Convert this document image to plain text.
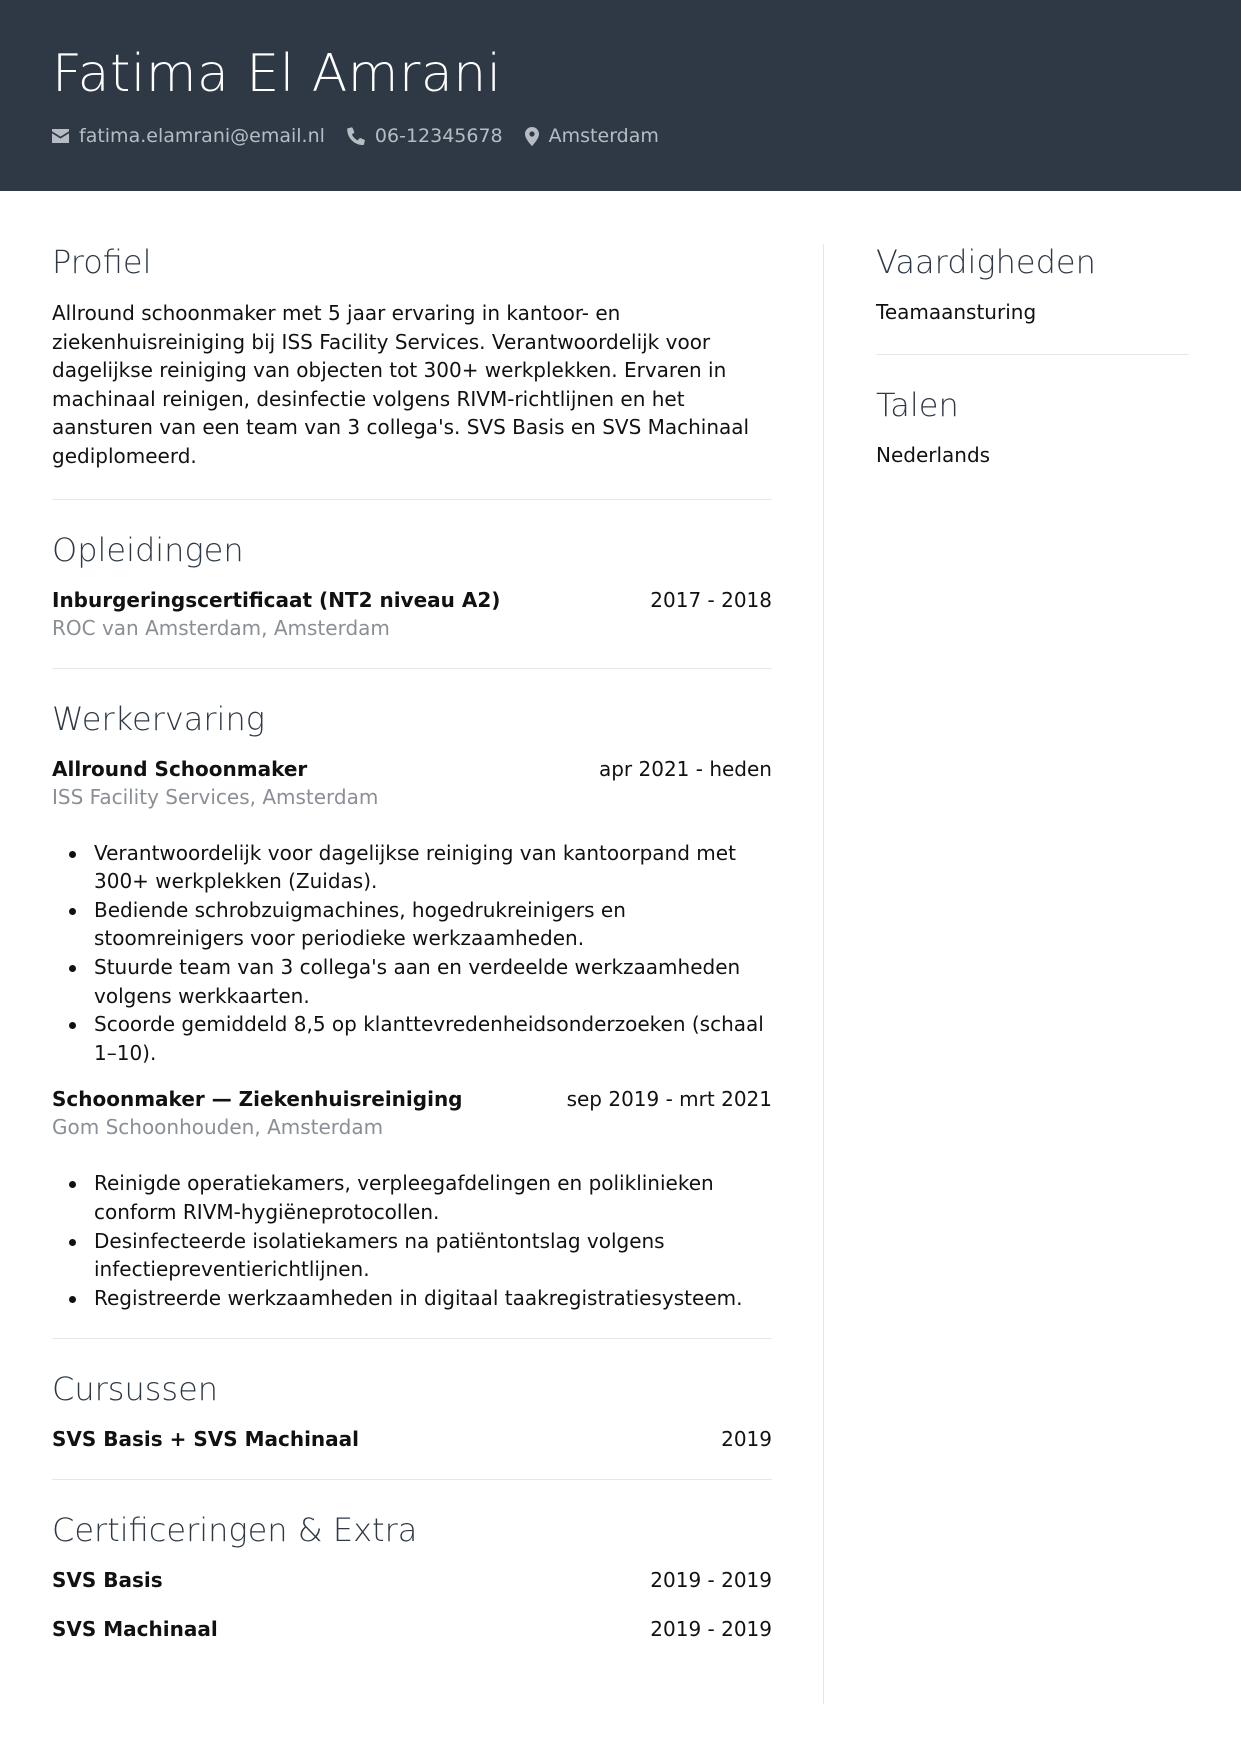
Fatima El Amrani
fatima.elamrani@email.nl	06-12345678 Amsterdam
Profiel
Allround schoonmaker met 5 jaar ervaring in kantoor- en ziekenhuisreiniging bij ISS Facility Services. Verantwoordelijk voor dagelijkse reiniging van objecten tot 300+ werkplekken. Ervaren in machinaal reinigen, desinfectie volgens RIVM-richtlijnen en het aansturen van een team van 3 collega's. SVS Basis en SVS Machinaal gediplomeerd.
Opleidingen
Inburgeringscertificaat (NT2 niveau A2)	2017 - 2018
ROC van Amsterdam, Amsterdam
Werkervaring
Allround Schoonmaker	apr 2021 - heden
ISS Facility Services, Amsterdam
Verantwoordelijk voor dagelijkse reiniging van kantoorpand met 300+ werkplekken (Zuidas).
Bediende schrobzuigmachines, hogedrukreinigers en stoomreinigers voor periodieke werkzaamheden.
Stuurde team van 3 collega's aan en verdeelde werkzaamheden volgens werkkaarten.
Scoorde gemiddeld 8,5 op klanttevredenheidsonderzoeken (schaal 1–10).
Schoonmaker — Ziekenhuisreiniging	sep 2019 - mrt 2021
Gom Schoonhouden, Amsterdam
Reinigde operatiekamers, verpleegafdelingen en poliklinieken conform RIVM-hygiëneprotocollen.
Desinfecteerde isolatiekamers na patiëntontslag volgens infectiepreventierichtlijnen.
Registreerde werkzaamheden in digitaal taakregistratiesysteem.
Cursussen
SVS Basis + SVS Machinaal	2019
Certificeringen & Extra
SVS Basis	2019 - 2019
SVS Machinaal	2019 - 2019
Vaardigheden
Teamaansturing
Talen
Nederlands
